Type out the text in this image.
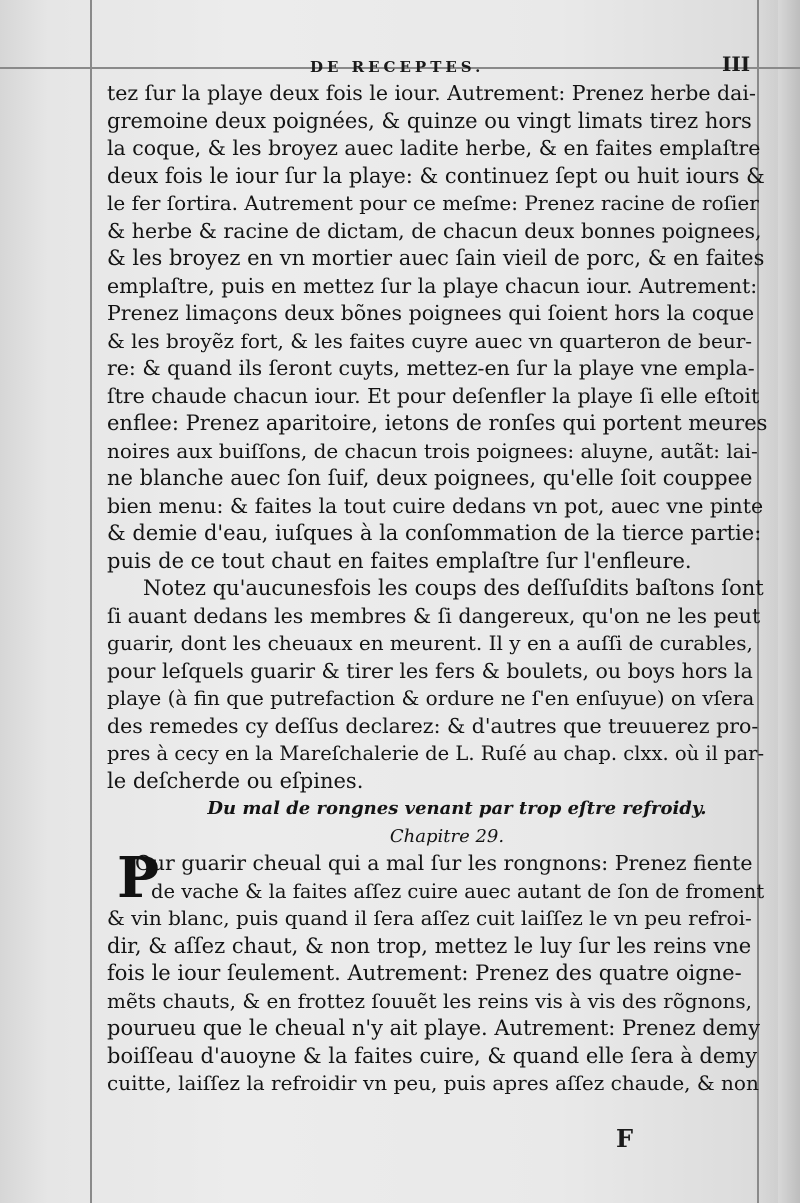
DE RECEPTES.	III
tez ſur la playe deux fois le iour. Autrement: Prenez herbe dai-
gremoine deux poignées, & quinze ou vingt limats tirez hors
la coque, & les broyez auec ladite herbe, & en faites emplaſtre
deux fois le iour ſur la playe: & continuez ſept ou huit iours &
le fer ſortira. Autrement pour ce meſme: Prenez racine de roſier
& herbe & racine de dictam, de chacun deux bonnes poignees,
& les broyez en vn mortier auec ſain vieil de porc, & en faites
emplaſtre, puis en mettez ſur la playe chacun iour. Autrement:
Prenez limaçons deux bõnes poignees qui ſoient hors la coque
& les broyẽz fort, & les faites cuyre auec vn quarteron de beur-
re: & quand ils ſeront cuyts, mettez-en ſur la playe vne empla-
ſtre chaude chacun iour. Et pour deſenfler la playe ſi elle eſtoit
enflee: Prenez aparitoire, ietons de ronſes qui portent meures
noires aux buiſſons, de chacun trois poignees: aluyne, autãt: lai-
ne blanche auec ſon ſuif, deux poignees, qu'elle ſoit couppee
bien menu: & faites la tout cuire dedans vn pot, auec vne pinte
& demie d'eau, iuſques à la conſommation de la tierce partie:
puis de ce tout chaut en faites emplaſtre ſur l'enfleure.
Notez qu'aucunesfois les coups des deſſuſdits baſtons ſont
ſi auant dedans les membres & ſi dangereux, qu'on ne les peut
guarir, dont les cheuaux en meurent. Il y en a auſſi de curables,
pour leſquels guarir & tirer les fers & boulets, ou boys hors la
playe (à fin que putrefaction & ordure ne ſ'en enſuyue) on vſera
des remedes cy deſſus declarez: & d'autres que treuuerez pro-
pres à cecy en la Mareſchalerie de L. Ruſé au chap. clxx. où il par-
le deſcherde ou eſpines.
Du mal de rongnes venant par trop eſtre refroidy.
Chapitre 29.
P
Our guarir cheual qui a mal ſur les rongnons: Prenez fiente
de vache & la faites aſſez cuire auec autant de ſon de froment
& vin blanc, puis quand il ſera aſſez cuit laiſſez le vn peu refroi-
dir, & aſſez chaut, & non trop, mettez le luy ſur les reins vne
fois le iour ſeulement. Autrement: Prenez des quatre oigne-
mẽts chauts, & en frottez ſouuẽt les reins vis à vis des rõgnons,
pourueu que le cheual n'y ait playe. Autrement: Prenez demy
boiſſeau d'auoyne & la faites cuire, & quand elle ſera à demy
cuitte, laiſſez la refroidir vn peu, puis apres aſſez chaude, & non
F
